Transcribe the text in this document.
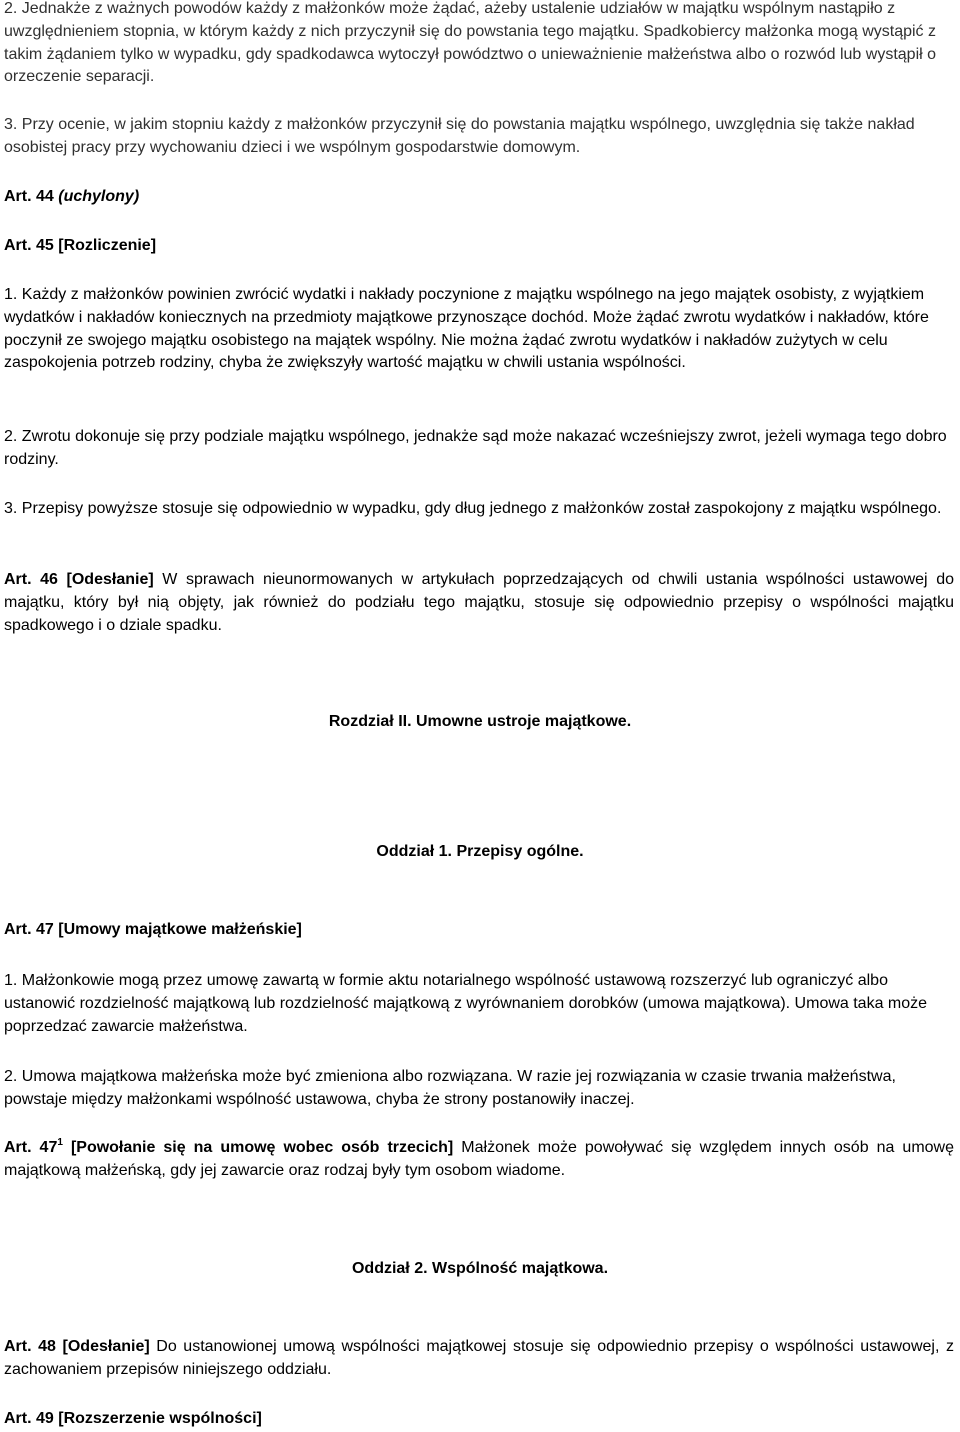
2. Jednakże z ważnych powodów każdy z małżonków może żądać, ażeby ustalenie udziałów w majątku wspólnym nastąpiło z uwzględnieniem stopnia, w którym każdy z nich przyczynił się do powstania tego majątku. Spadkobiercy małżonka mogą wystąpić z takim żądaniem tylko w wypadku, gdy spadkodawca wytoczył powództwo o unieważnienie małżeństwa albo o rozwód lub wystąpił o orzeczenie separacji.

3. Przy ocenie, w jakim stopniu każdy z małżonków przyczynił się do powstania majątku wspólnego, uwzględnia się także nakład osobistej pracy przy wychowaniu dzieci i we wspólnym gospodarstwie domowym.

Art. 44 (uchylony)

Art. 45 [Rozliczenie]

1. Każdy z małżonków powinien zwrócić wydatki i nakłady poczynione z majątku wspólnego na jego majątek osobisty, z wyjątkiem wydatków i nakładów koniecznych na przedmioty majątkowe przynoszące dochód. Może żądać zwrotu wydatków i nakładów, które poczynił ze swojego majątku osobistego na majątek wspólny. Nie można żądać zwrotu wydatków i nakładów zużytych w celu zaspokojenia potrzeb rodziny, chyba że zwiększyły wartość majątku w chwili ustania wspólności.

2. Zwrotu dokonuje się przy podziale majątku wspólnego, jednakże sąd może nakazać wcześniejszy zwrot, jeżeli wymaga tego dobro rodziny.

3. Przepisy powyższe stosuje się odpowiednio w wypadku, gdy dług jednego z małżonków został zaspokojony z majątku wspólnego.

Art. 46 [Odesłanie] W sprawach nieunormowanych w artykułach poprzedzających od chwili ustania wspólności ustawowej do majątku, który był nią objęty, jak również do podziału tego majątku, stosuje się odpowiednio przepisy o wspólności majątku spadkowego i o dziale spadku.

Rozdział II. Umowne ustroje majątkowe.

Oddział 1. Przepisy ogólne.

Art. 47 [Umowy majątkowe małżeńskie]

1. Małżonkowie mogą przez umowę zawartą w formie aktu notarialnego wspólność ustawową rozszerzyć lub ograniczyć albo ustanowić rozdzielność majątkową lub rozdzielność majątkową z wyrównaniem dorobków (umowa majątkowa). Umowa taka może poprzedzać zawarcie małżeństwa.

2. Umowa majątkowa małżeńska może być zmieniona albo rozwiązana. W razie jej rozwiązania w czasie trwania małżeństwa, powstaje między małżonkami wspólność ustawowa, chyba że strony postanowiły inaczej.

Art. $47^1$ [Powołanie się na umowę wobec osób trzecich] Małżonek może powoływać się względem innych osób na umowę majątkową małżeńską, gdy jej zawarcie oraz rodzaj były tym osobom wiadome.

Oddział 2. Wspólność majątkowa.

Art. 48 [Odesłanie] Do ustanowionej umową wspólności majątkowej stosuje się odpowiednio przepisy o wspólności ustawowej, z zachowaniem przepisów niniejszego oddziału.

Art. 49 [Rozszerzenie wspólności]
